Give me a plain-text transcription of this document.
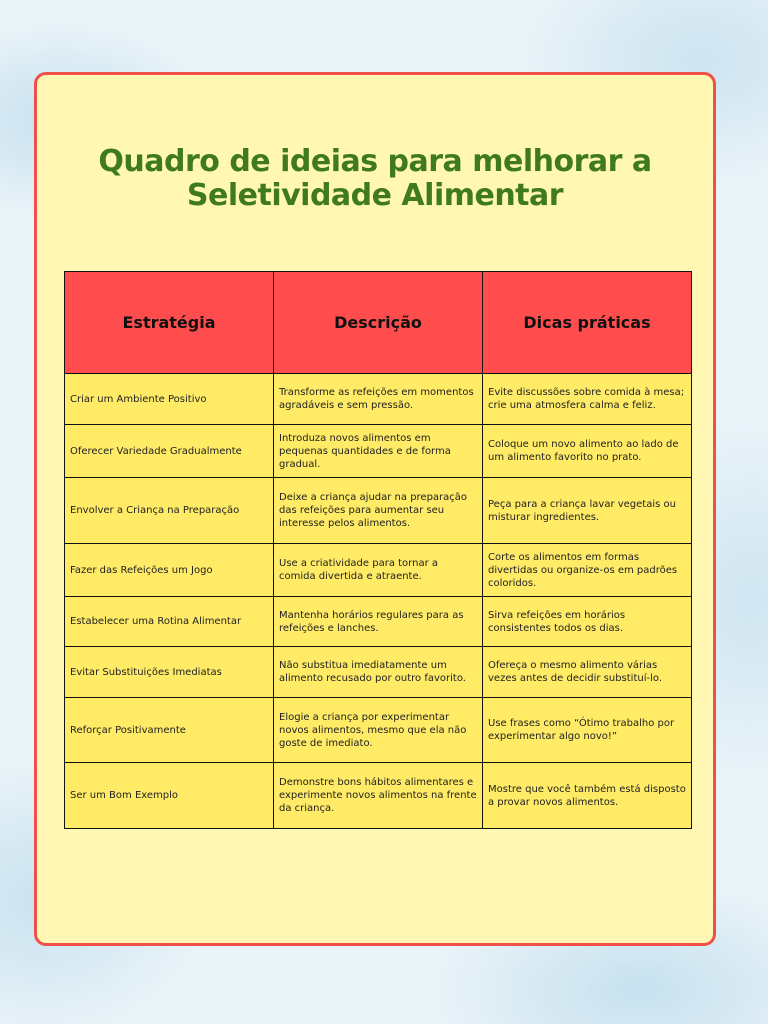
Quadro de ideias para melhorar a
Seletividade Alimentar
Estratégia	Descrição	Dicas práticas
Criar um Ambiente Positivo	Transforme as refeições em momentos agradáveis e sem pressão.	Evite discussões sobre comida à mesa; crie uma atmosfera calma e feliz.
Oferecer Variedade Gradualmente	Introduza novos alimentos em pequenas quantidades e de forma gradual.	Coloque um novo alimento ao lado de um alimento favorito no prato.
Envolver a Criança na Preparação	Deixe a criança ajudar na preparação das refeições para aumentar seu interesse pelos alimentos.	Peça para a criança lavar vegetais ou misturar ingredientes.
Fazer das Refeições um Jogo	Use a criatividade para tornar a comida divertida e atraente.	Corte os alimentos em formas divertidas ou organize-os em padrões coloridos.
Estabelecer uma Rotina Alimentar	Mantenha horários regulares para as refeições e lanches.	Sirva refeições em horários consistentes todos os dias.
Evitar Substituições Imediatas	Não substitua imediatamente um alimento recusado por outro favorito.	Ofereça o mesmo alimento várias vezes antes de decidir substituí-lo.
Reforçar Positivamente	Elogie a criança por experimentar novos alimentos, mesmo que ela não goste de imediato.	Use frases como “Ótimo trabalho por experimentar algo novo!”
Ser um Bom Exemplo	Demonstre bons hábitos alimentares e experimente novos alimentos na frente da criança.	Mostre que você também está disposto a provar novos alimentos.
